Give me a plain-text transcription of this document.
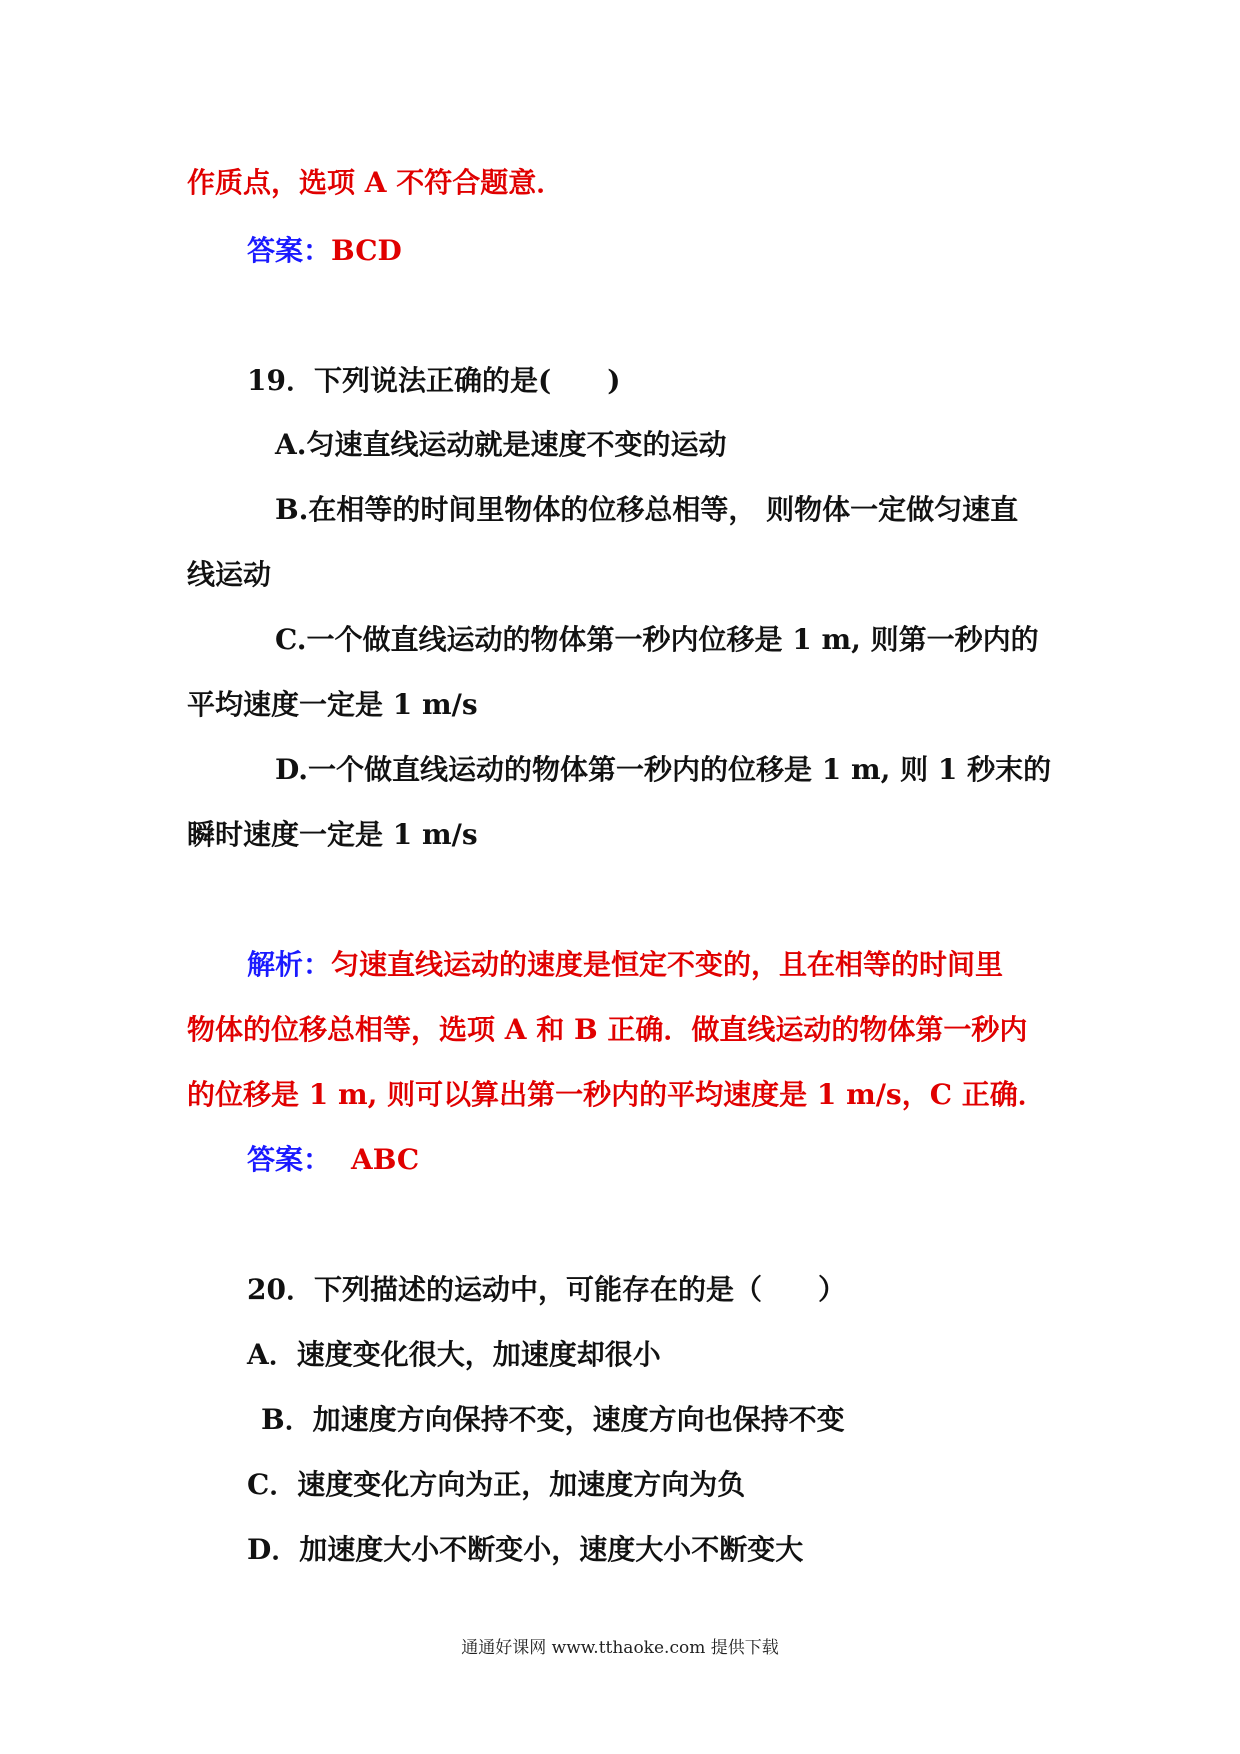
作质点，选项 A 不符合题意．
答案：BCD
19．下列说法正确的是(　　)
A.匀速直线运动就是速度不变的运动
B.在相等的时间里物体的位移总相等， 则物体一定做匀速直
线运动
C.一个做直线运动的物体第一秒内位移是 1 m, 则第一秒内的
平均速度一定是 1 m/s
D.一个做直线运动的物体第一秒内的位移是 1 m, 则 1 秒末的
瞬时速度一定是 1 m/s
解析：匀速直线运动的速度是恒定不变的，且在相等的时间里
物体的位移总相等，选项 A 和 B 正确．做直线运动的物体第一秒内
的位移是 1 m, 则可以算出第一秒内的平均速度是 1 m/s，C 正确．
答案： ABC
20．下列描述的运动中，可能存在的是（　　）
A．速度变化很大，加速度却很小
B．加速度方向保持不变，速度方向也保持不变
C．速度变化方向为正，加速度方向为负
D．加速度大小不断变小，速度大小不断变大
通通好课网 www.tthaoke.com 提供下载
